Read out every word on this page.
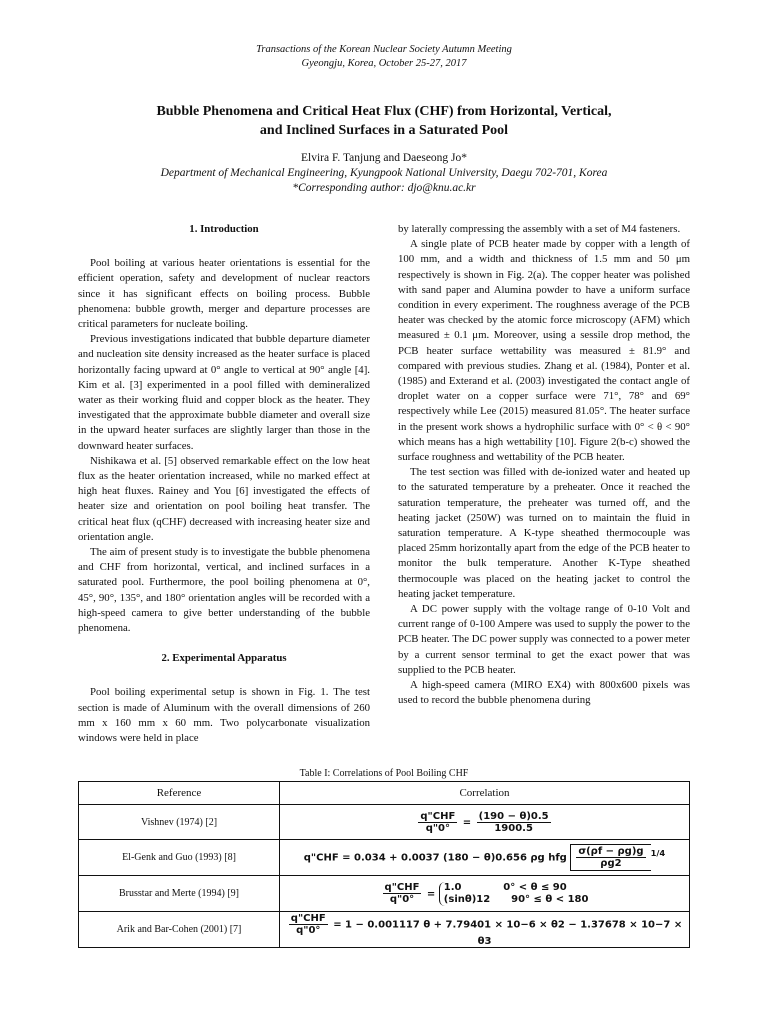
Transactions of the Korean Nuclear Society Autumn Meeting
Gyeongju, Korea, October 25-27, 2017
Bubble Phenomena and Critical Heat Flux (CHF) from Horizontal, Vertical,
and Inclined Surfaces in a Saturated Pool
Elvira F. Tanjung and Daeseong Jo*
Department of Mechanical Engineering, Kyungpook National University, Daegu 702-701, Korea
*Corresponding author: djo@knu.ac.kr
1. Introduction

Pool boiling at various heater orientations is essential for the efficient operation, safety and development of nuclear reactors since it has significant effects on boiling process. Bubble phenomena: bubble growth, merger and departure processes are critical parameters for nucleate boiling.

Previous investigations indicated that bubble departure diameter and nucleation site density increased as the heater surface is placed horizontally facing upward at 0° angle to vertical at 90° angle [4]. Kim et al. [3] experimented in a pool filled with demineralized water as their working fluid and copper block as the heater. They investigated that the approximate bubble diameter and overall size in the upward heater surfaces are slightly larger than those in the downward heater surfaces.

Nishikawa et al. [5] observed remarkable effect on the low heat flux as the heater orientation increased, while no marked effect at high heat fluxes. Rainey and You [6] investigated the effects of heater size and orientation on pool boiling heat transfer. The critical heat flux (qCHF) decreased with increasing heater size and orientation angle.

The aim of present study is to investigate the bubble phenomena and CHF from horizontal, vertical, and inclined surfaces in a saturated pool. Furthermore, the pool boiling phenomena at 0°, 45°, 90°, 135°, and 180° orientation angles will be recorded with a high-speed camera to give better understanding of the bubble phenomena.

2. Experimental Apparatus

Pool boiling experimental setup is shown in Fig. 1. The test section is made of Aluminum with the overall dimensions of 260 mm x 160 mm x 60 mm. Two polycarbonate visualization windows were held in place

by laterally compressing the assembly with a set of M4 fasteners.

A single plate of PCB heater made by copper with a length of 100 mm, and a width and thickness of 1.5 mm and 50 μm respectively is shown in Fig. 2(a). The copper heater was polished with sand paper and Alumina powder to have a uniform surface condition in every experiment. The roughness average of the PCB heater was checked by the atomic force microscopy (AFM) which measured ± 0.1 μm. Moreover, using a sessile drop method, the PCB heater surface wettability was measured ± 81.9° and compared with previous studies. Zhang et al. (1984), Ponter et al. (1985) and Exterand et al. (2003) investigated the contact angle of droplet water on a copper surface were 71°, 78° and 69° respectively while Lee (2015) measured 81.05°. The heater surface in the present work shows a hydrophilic surface with 0° < θ < 90° which means has a high wettability [10]. Figure 2(b-c) showed the surface roughness and wettability of the PCB heater.

The test section was filled with de-ionized water and heated up to the saturated temperature by a preheater. Once it reached the saturation temperature, the preheater was turned off, and the heating jacket (250W) was turned on to maintain the fluid in saturation temperature. A K-type sheathed thermocouple was placed 25mm horizontally apart from the edge of the PCB heater to monitor the bulk temperature. Another K-Type sheathed thermocouple was placed on the heating jacket to control the heating jacket temperature.

A DC power supply with the voltage range of 0-10 Volt and current range of 0-100 Ampere was used to supply the power to the PCB heater. The DC power supply was connected to a power meter by a current sensor terminal to get the exact power that was supplied to the PCB heater.

A high-speed camera (MIRO EX4) with 800x600 pixels was used to record the bubble phenomena during

Table I: Correlations of Pool Boiling CHF
Reference	Correlation
Vishnev (1974) [2]	$\frac{\text{q"CHF}}{q"0^\circ} = \frac{(190 - \theta)0.5}{1900.5}$

El-Genk and Guo (1993) [8]	q"CHF = 0.034 + 0.0037 (180 − θ)0.656 ρg hfg $\frac{\sigma(\rho f - \rho g)g}{\rho g2} ^{1/4}$
Brusstar and Merte (1994) [9]	$\frac{\text{q"CHF}}{q"0^\circ}$ =
1.0            0° < θ ≤ 90
(sinθ)12      90° ≤ θ < 180

Arik and Bar-Cohen (2001) [7]	$\frac{\text{q"CHF}}{q"0^\circ} = 1 - 0.001117$ θ + 7.79401 × 10−6 × θ2 − 1.37678 × 10−7 × θ3
